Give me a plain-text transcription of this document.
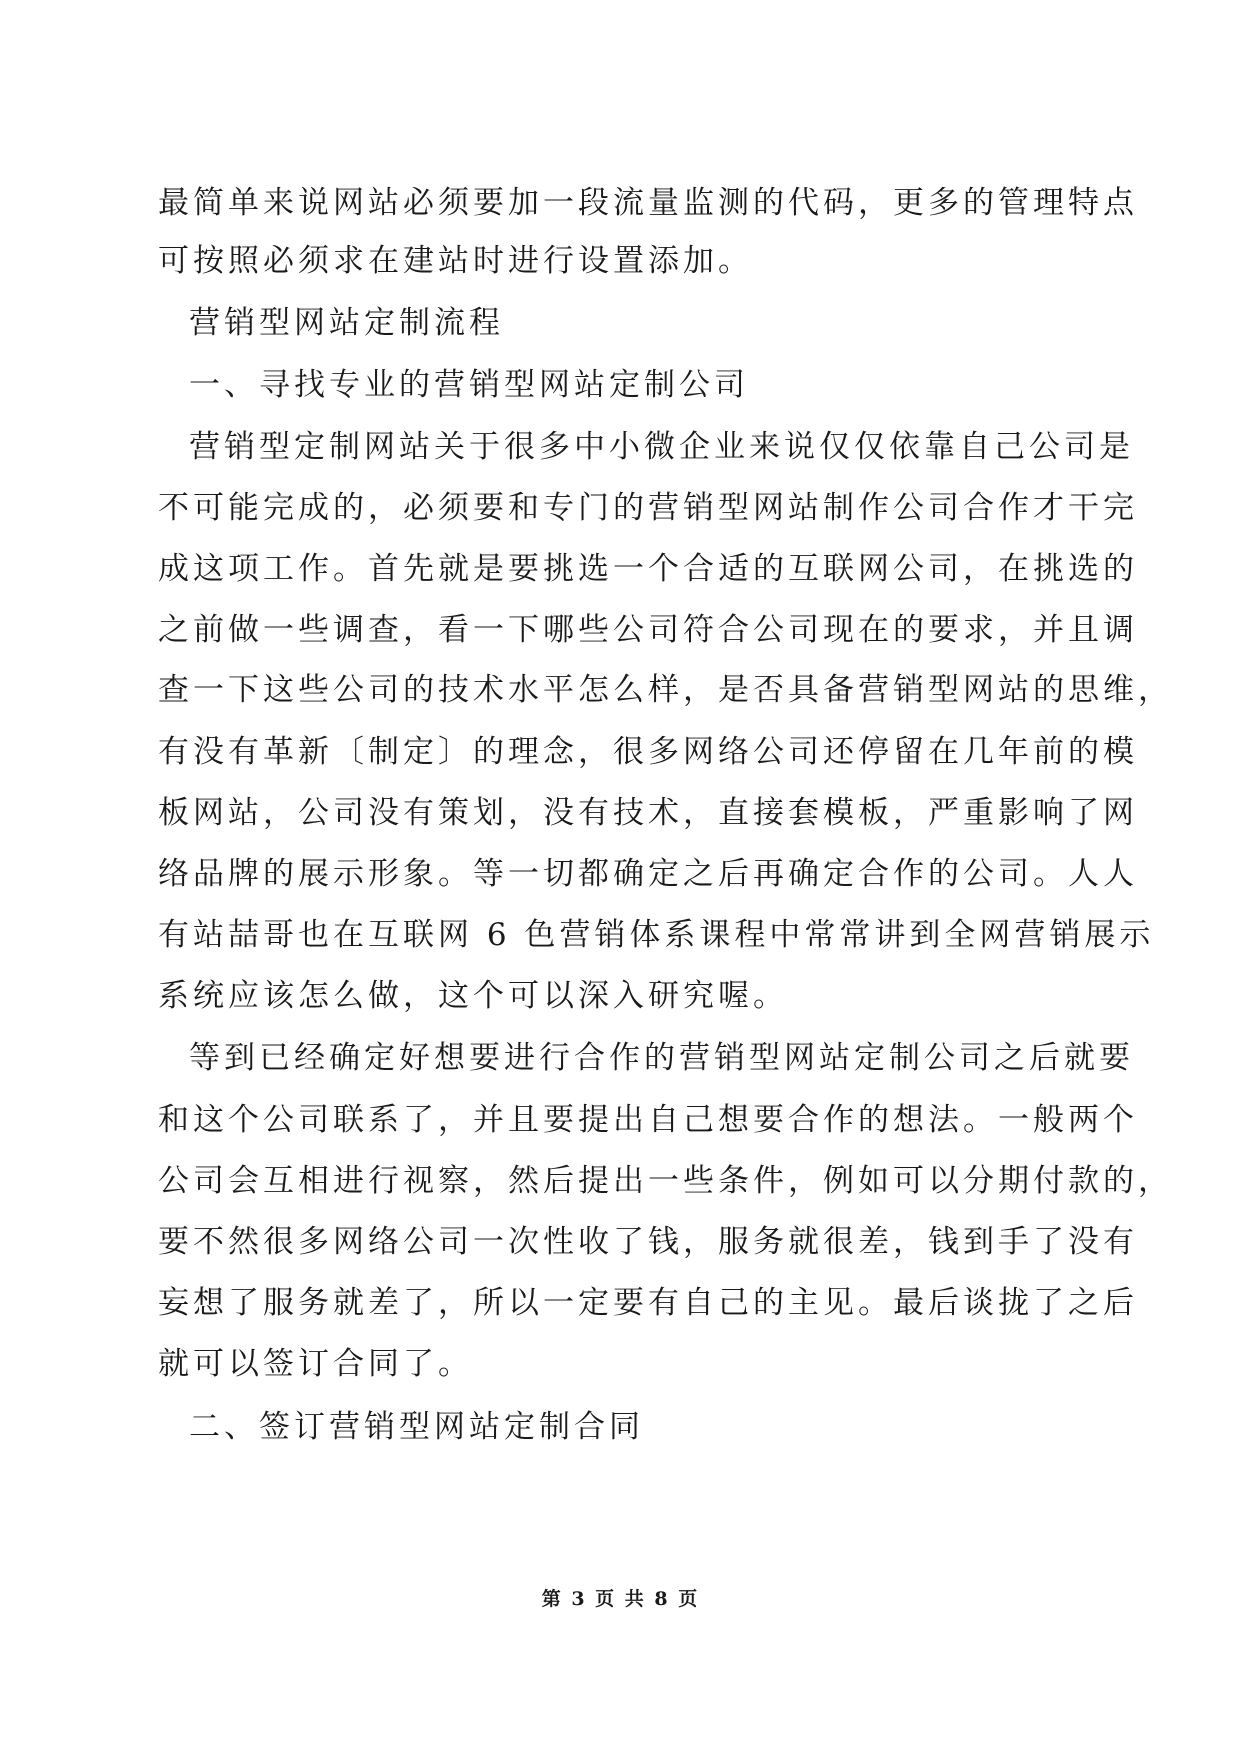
最简单来说网站必须要加一段流量监测的代码，更多的管理特点
可按照必须求在建站时进行设置添加。
营销型网站定制流程
一、寻找专业的营销型网站定制公司
营销型定制网站关于很多中小微企业来说仅仅依靠自己公司是
不可能完成的，必须要和专门的营销型网站制作公司合作才干完
成这项工作。首先就是要挑选一个合适的互联网公司，在挑选的
之前做一些调查，看一下哪些公司符合公司现在的要求，并且调
查一下这些公司的技术水平怎么样，是否具备营销型网站的思维，
有没有革新〔制定〕的理念，很多网络公司还停留在几年前的模
板网站，公司没有策划，没有技术，直接套模板，严重影响了网
络品牌的展示形象。等一切都确定之后再确定合作的公司。人人
有站喆哥也在互联网 6 色营销体系课程中常常讲到全网营销展示
系统应该怎么做，这个可以深入研究喔。
等到已经确定好想要进行合作的营销型网站定制公司之后就要
和这个公司联系了，并且要提出自己想要合作的想法。一般两个
公司会互相进行视察，然后提出一些条件，例如可以分期付款的，
要不然很多网络公司一次性收了钱，服务就很差，钱到手了没有
妄想了服务就差了，所以一定要有自己的主见。最后谈拢了之后
就可以签订合同了。
二、签订营销型网站定制合同
第 3 页 共 8 页
